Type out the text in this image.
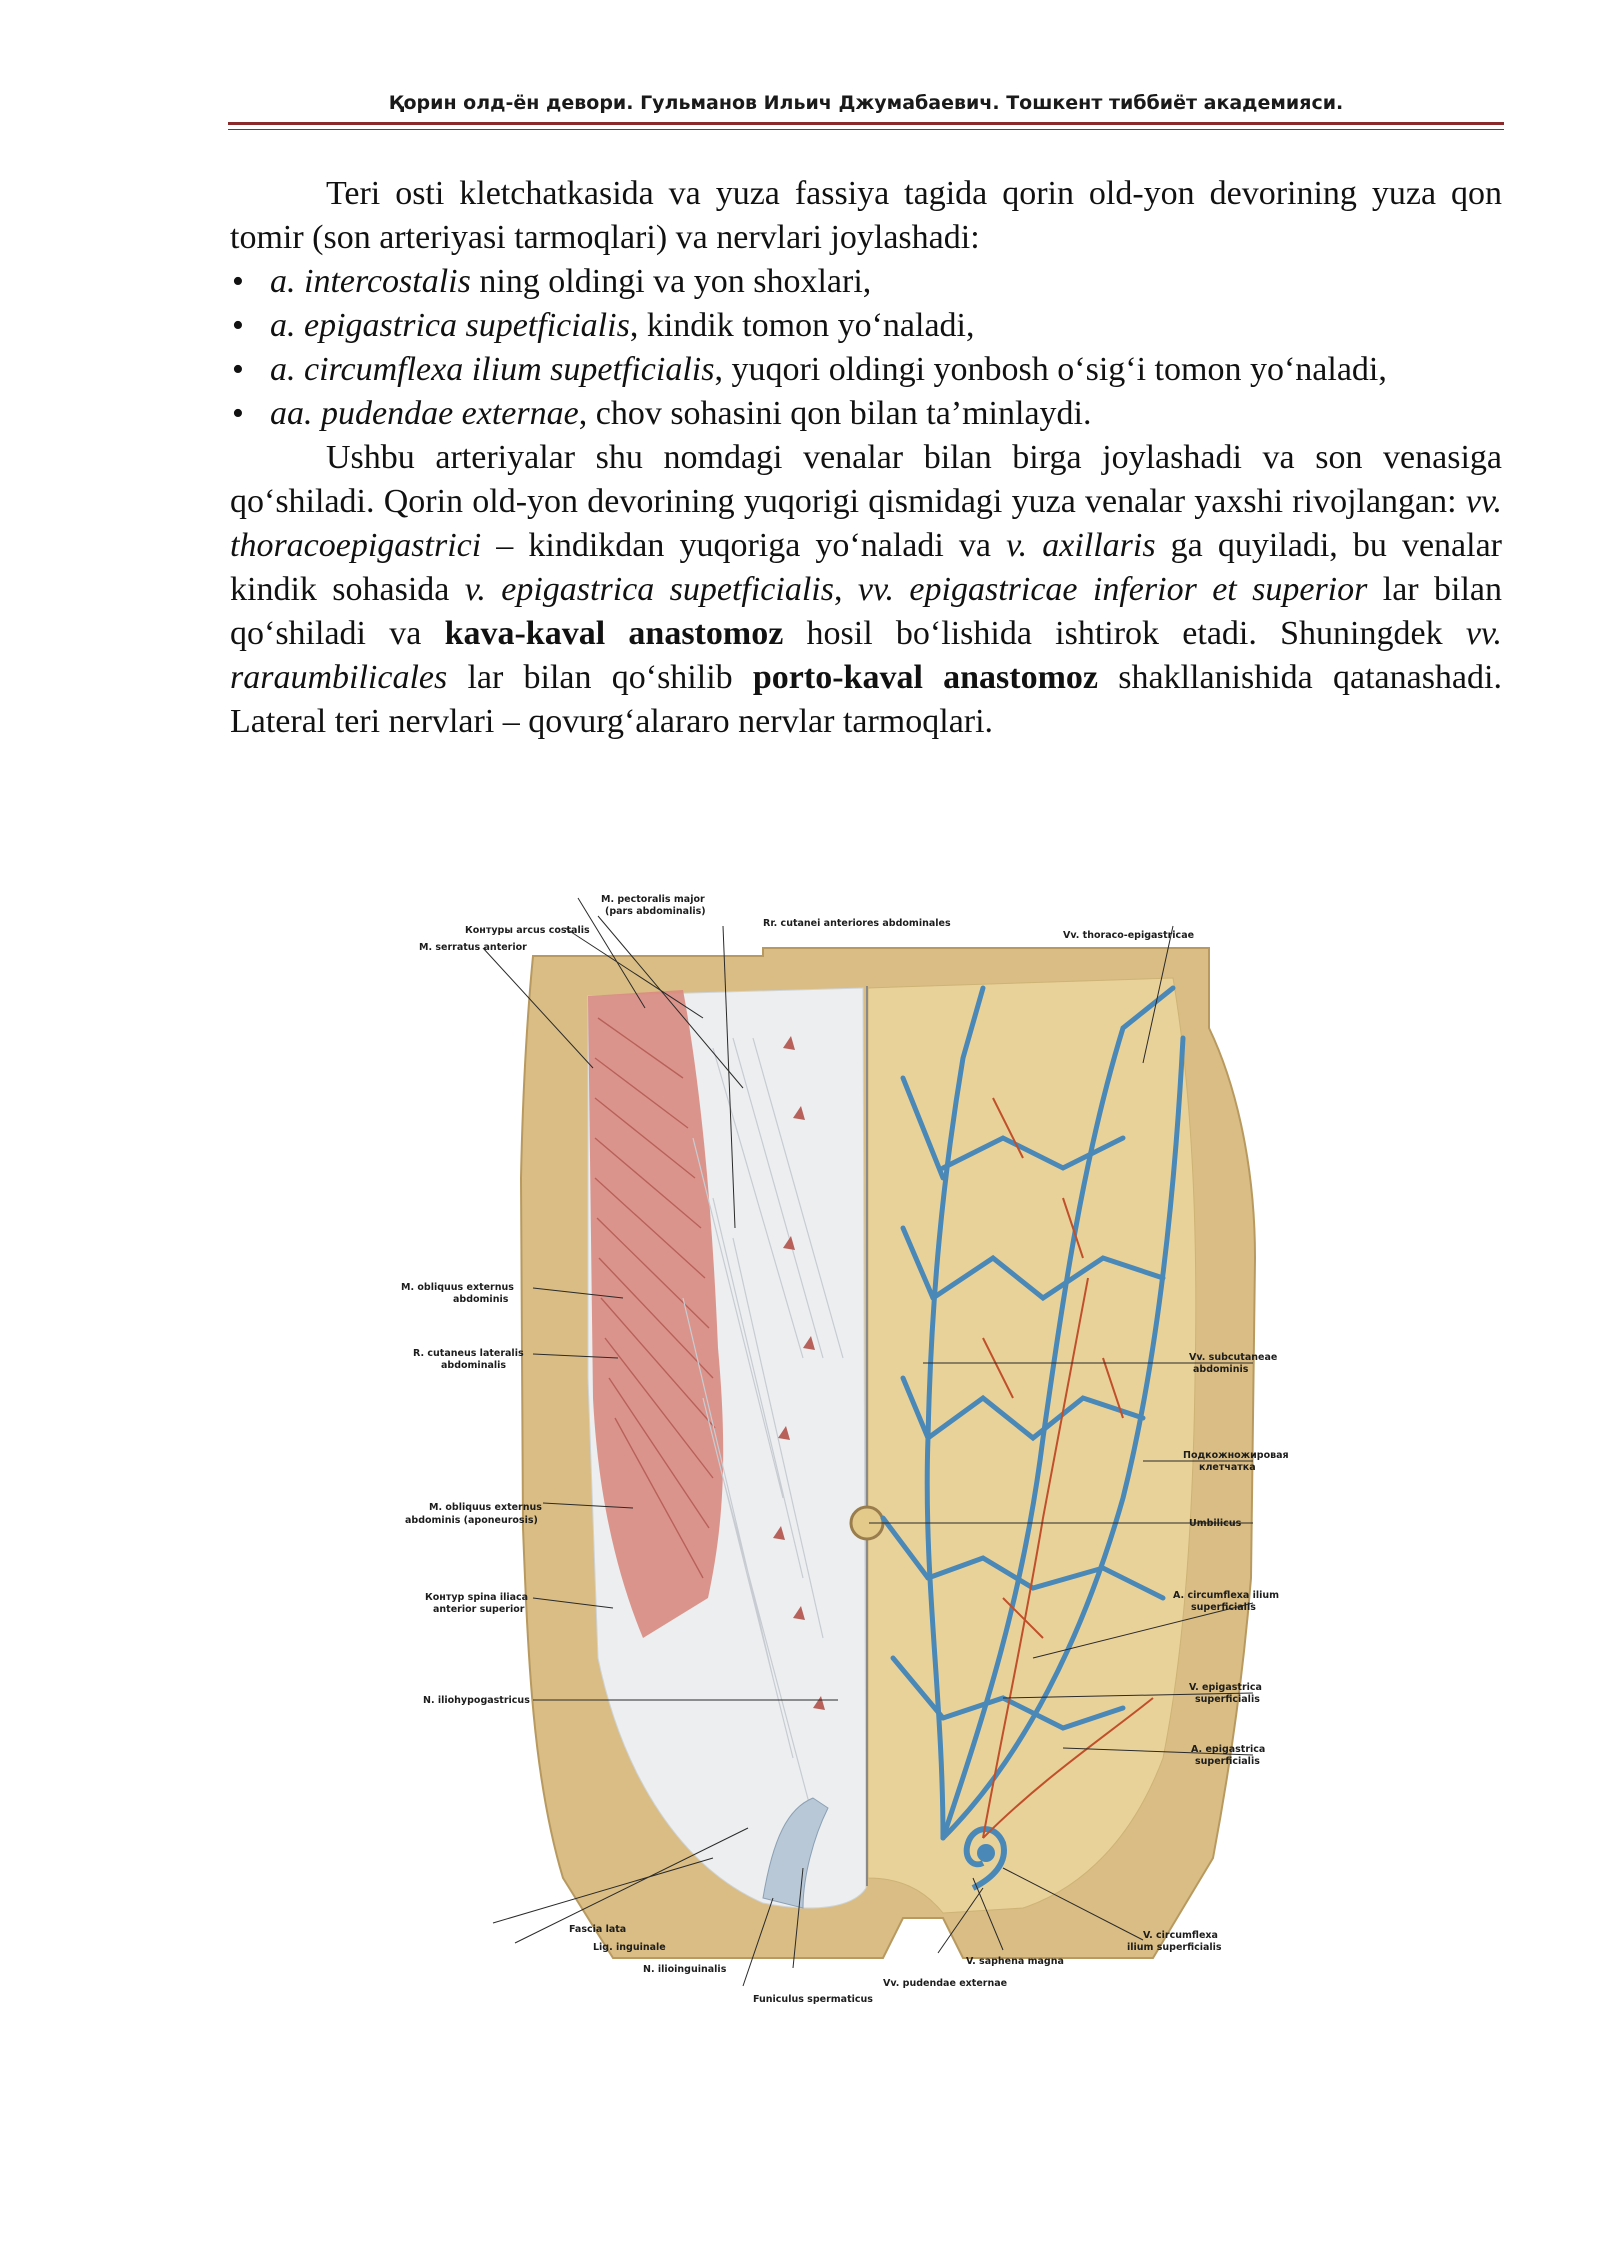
Қорин олд-ён девори. Гульманов Ильич Джумабаевич. Тошкент тиббиёт академияси.

Teri osti kletchatkasida va yuza fassiya tagida qorin old-yon devorining yuza qon tomir (son arteriyasi tarmoqlari) va nervlari joylashadi:

• a. intercostalis ning oldingi va yon shoxlari,
• a. epigastrica supetficialis, kindik tomon yo‘naladi,
• a. circumflexa ilium supetficialis, yuqori oldingi yonbosh o‘sig‘i tomon yo‘naladi,
• aa. pudendae externae, chov sohasini qon bilan ta’minlaydi.

Ushbu arteriyalar shu nomdagi venalar bilan birga joylashadi va son venasiga qo‘shiladi. Qorin old-yon devorining yuqorigi qismidagi yuza venalar yaxshi rivojlangan: vv. thoracoepigastrici – kindikdan yuqoriga yo‘naladi va v. axillaris ga quyiladi, bu venalar kindik sohasida v. epigastrica supetficialis, vv. epigastricae inferior et superior lar bilan qo‘shiladi va kava-kaval anastomoz hosil bo‘lishida ishtirok etadi. Shuningdek vv. raraumbilicales lar bilan qo‘shilib porto-kaval anastomoz shakllanishida qatanashadi. Lateral teri nervlari – qovurg‘alararo nervlar tarmoqlari.

M. pectoralis major
(pars abdominalis)
Контуры arcus costalis
M. serratus anterior
Rr. cutanei anteriores abdominales
Vv. thoraco-epigastricae
M. obliquus externus
abdominis
R. cutaneus lateralis
abdominalis
M. obliquus externus
abdominis (aponeurosis)
Контур spina iliaca
anterior superior
N. iliohypogastricus
Fascia lata
Lig. inguinale
N. ilioinguinalis
Funiculus spermaticus
Vv. pudendae externae
V. saphena magna
V. circumflexa
ilium superficialis
Vv. subcutaneae
abdominis
Подкожножировая
клетчатка
Umbilicus
A. circumflexa ilium
superficialis
V. epigastrica
superficialis
A. epigastrica
superficialis
